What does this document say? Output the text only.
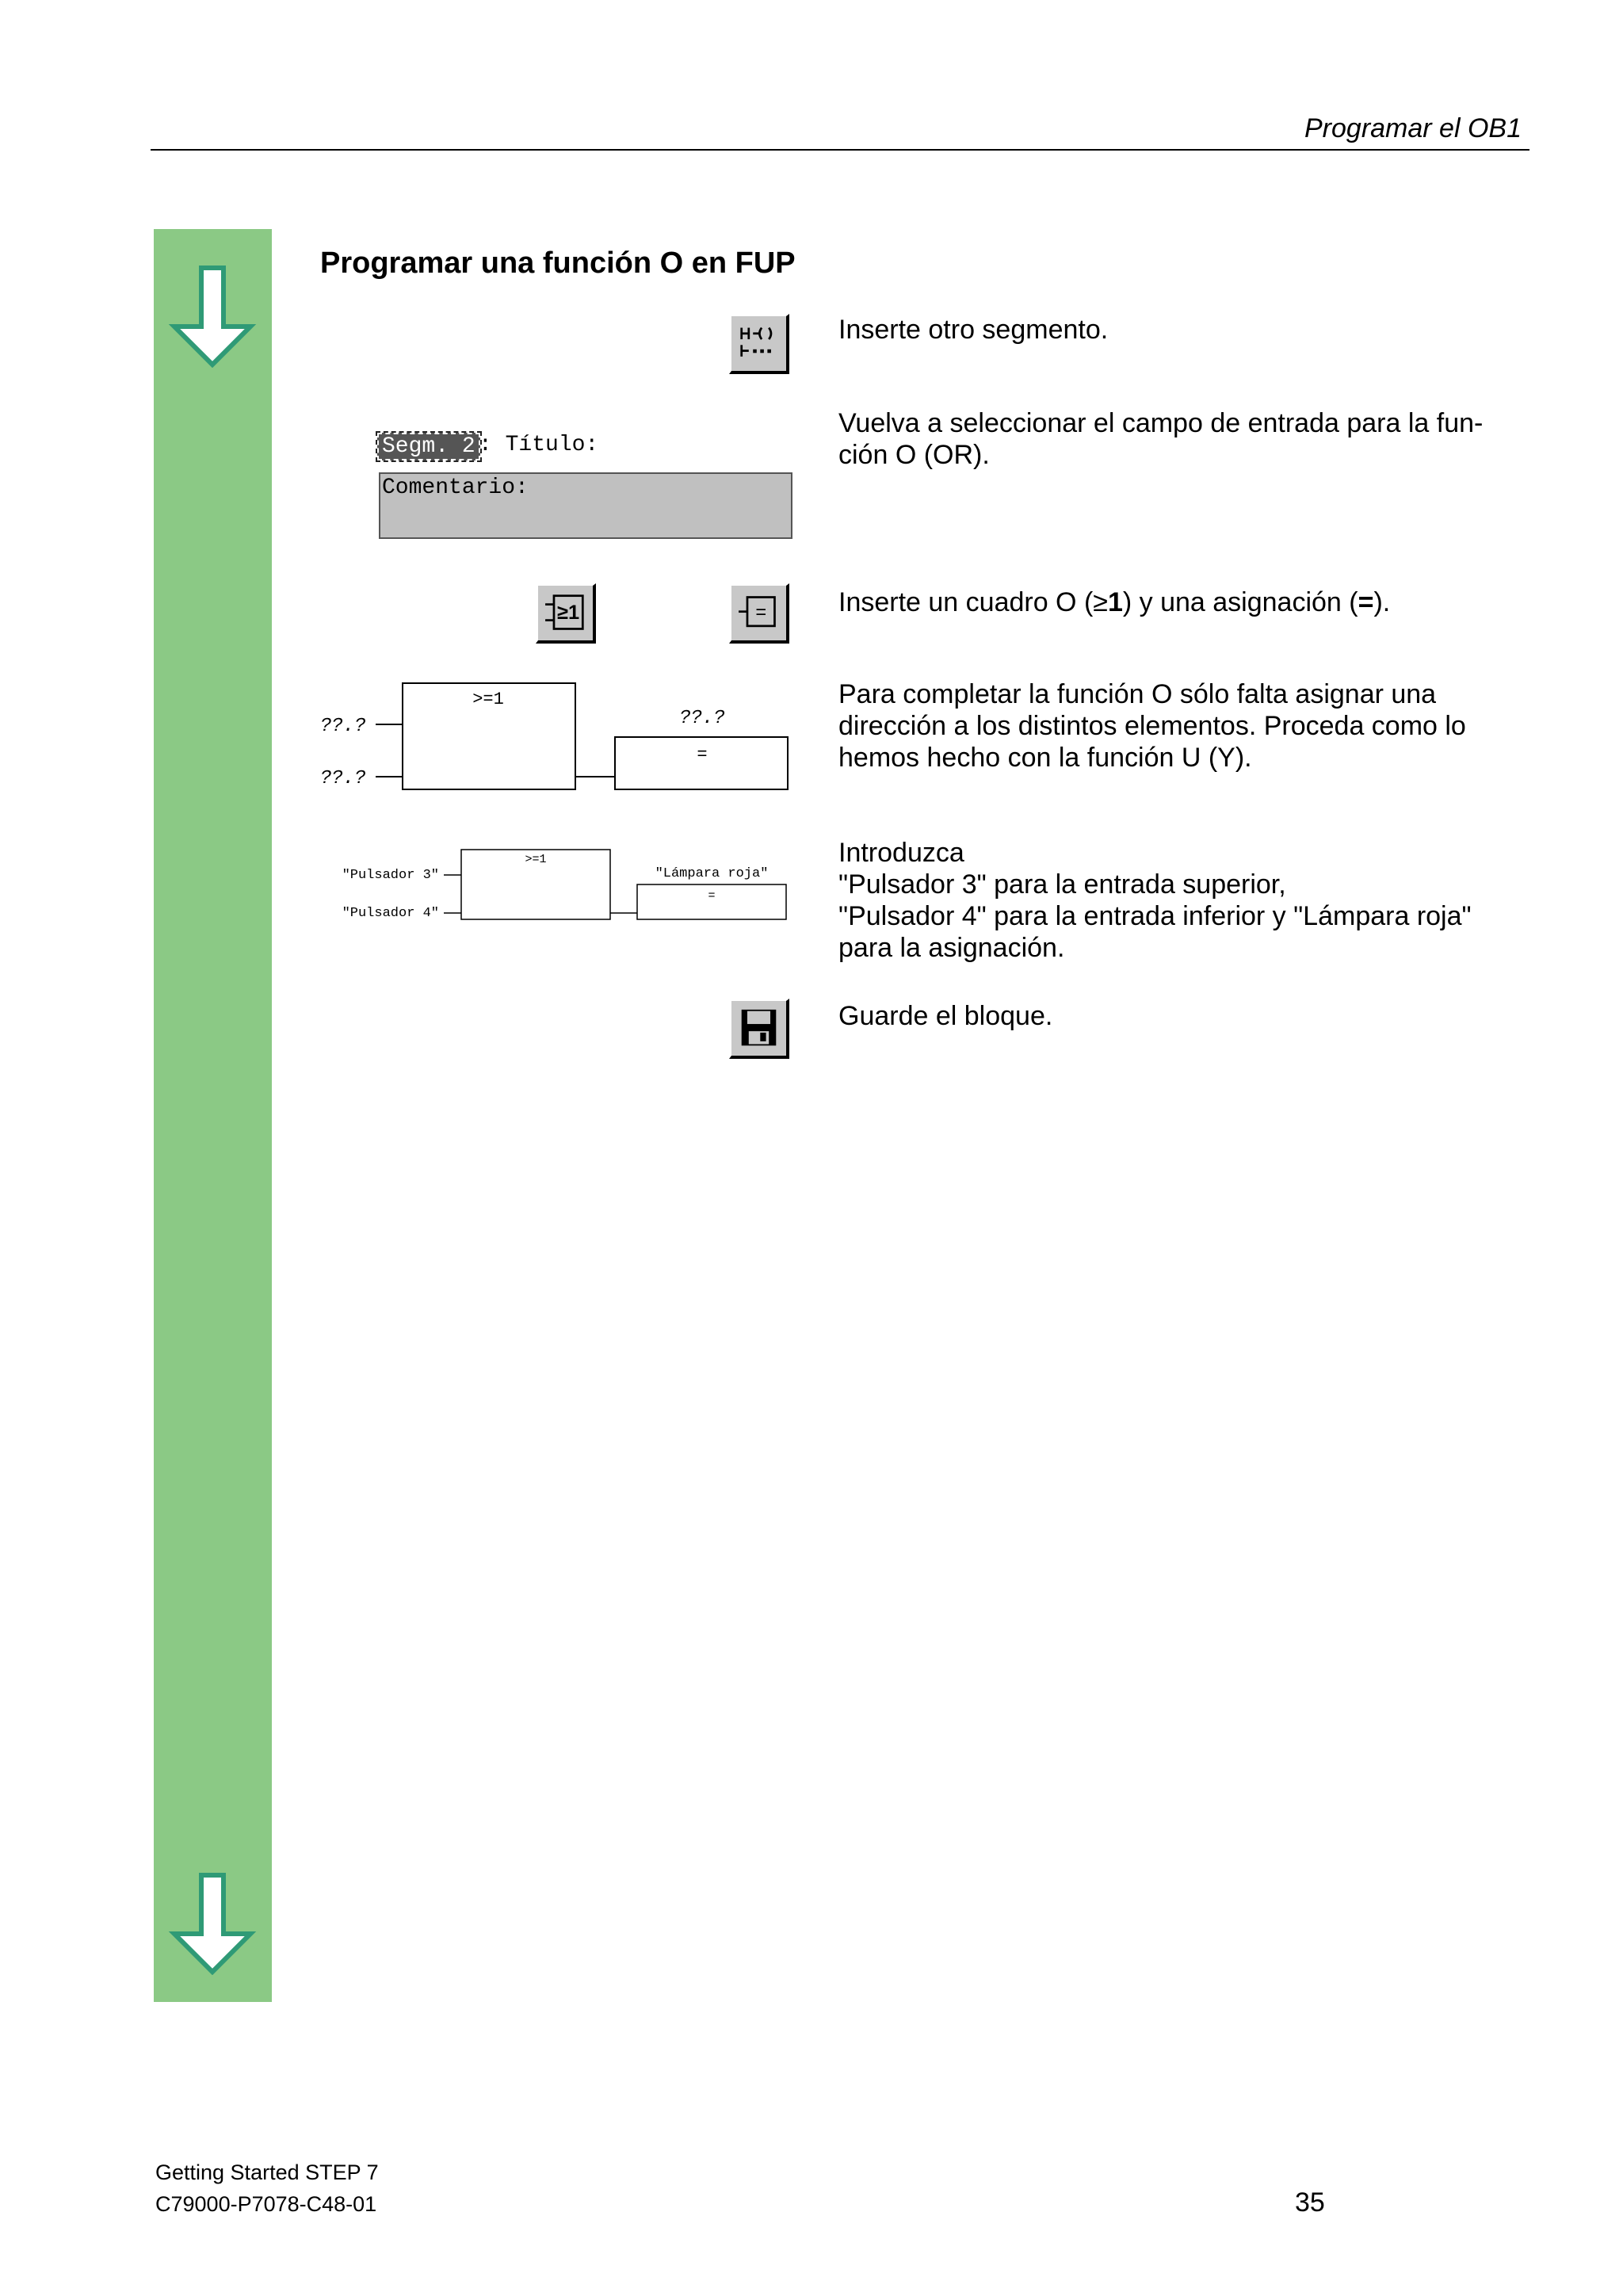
Programar el OB1
Programar una función O en FUP
Inserte otro segmento.
Segm. 2 : Título:
Comentario:
Vuelva a seleccionar el campo de entrada para la fun-
ción O (OR).
≥1	=	Inserte un cuadro O (≥1) y una asignación (=).
>=1
??.?
??.?
??.?
=
Para completar la función O sólo falta asignar una
dirección a los distintos elementos. Proceda como lo
hemos hecho con la función U (Y).
>=1
"Pulsador 3"
"Pulsador 4"
"Lámpara roja"
=
Introduzca
"Pulsador 3" para la entrada superior,
"Pulsador 4" para la entrada inferior y "Lámpara roja"
para la asignación.
Guarde el bloque.
Getting Started STEP 7
C79000-P7078-C48-01	35
